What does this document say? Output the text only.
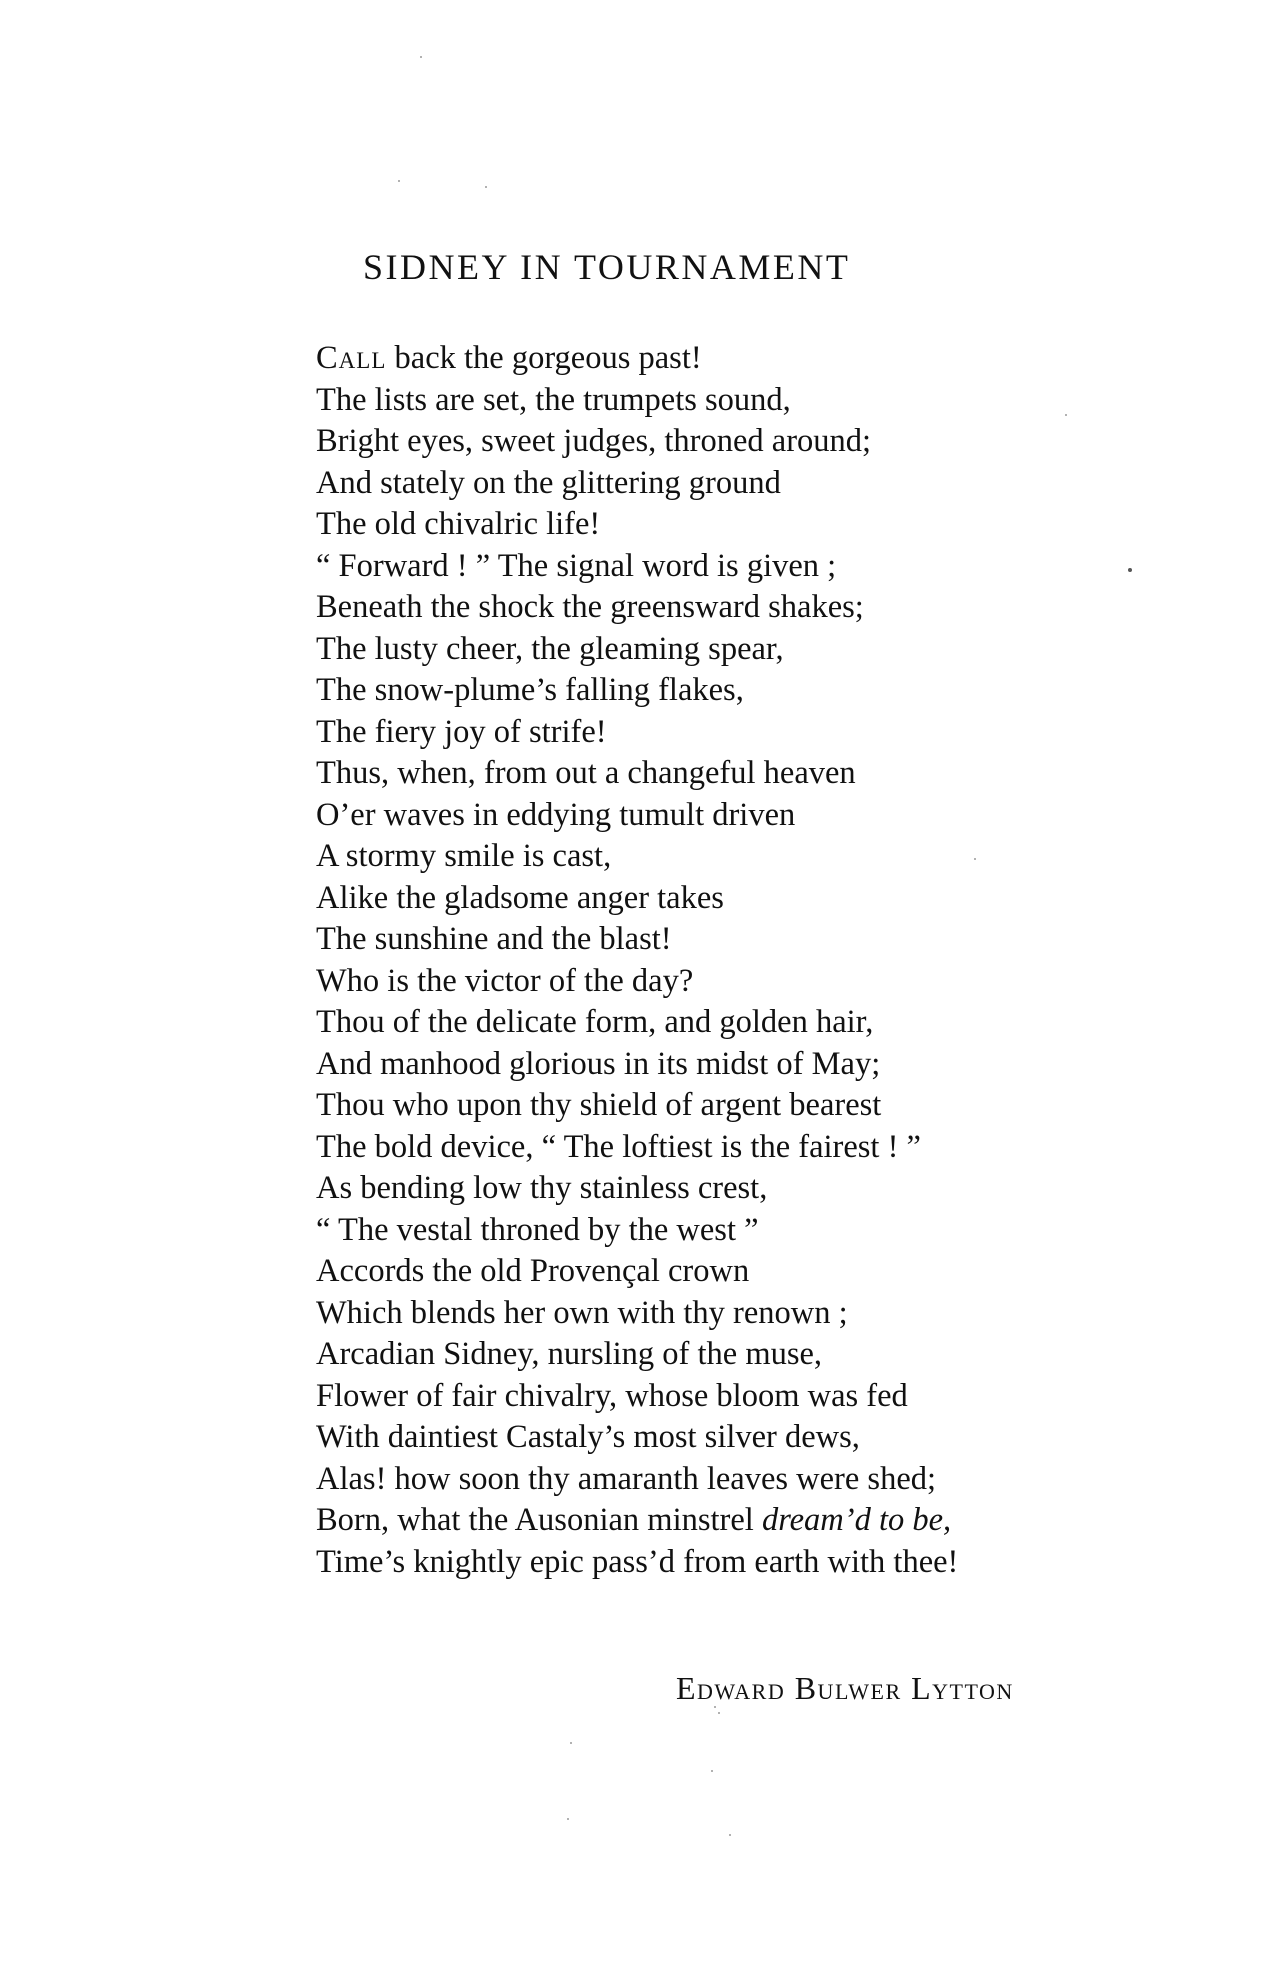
SIDNEY IN TOURNAMENT
Call back the gorgeous past!
The lists are set, the trumpets sound,
Bright eyes, sweet judges, throned around;
And stately on the glittering ground
The old chivalric life!
“ Forward ! ” The signal word is given ;
Beneath the shock the greensward shakes;
The lusty cheer, the gleaming spear,
The snow-plume’s falling flakes,
The fiery joy of strife!
Thus, when, from out a changeful heaven
O’er waves in eddying tumult driven
A stormy smile is cast,
Alike the gladsome anger takes
The sunshine and the blast!
Who is the victor of the day?
Thou of the delicate form, and golden hair,
And manhood glorious in its midst of May;
Thou who upon thy shield of argent bearest
The bold device, “ The loftiest is the fairest ! ”
As bending low thy stainless crest,
“ The vestal throned by the west ”
Accords the old Provençal crown
Which blends her own with thy renown ;
Arcadian Sidney, nursling of the muse,
Flower of fair chivalry, whose bloom was fed
With daintiest Castaly’s most silver dews,
Alas! how soon thy amaranth leaves were shed;
Born, what the Ausonian minstrel dream’d to be,
Time’s knightly epic pass’d from earth with thee!
Edward Bulwer Lytton
